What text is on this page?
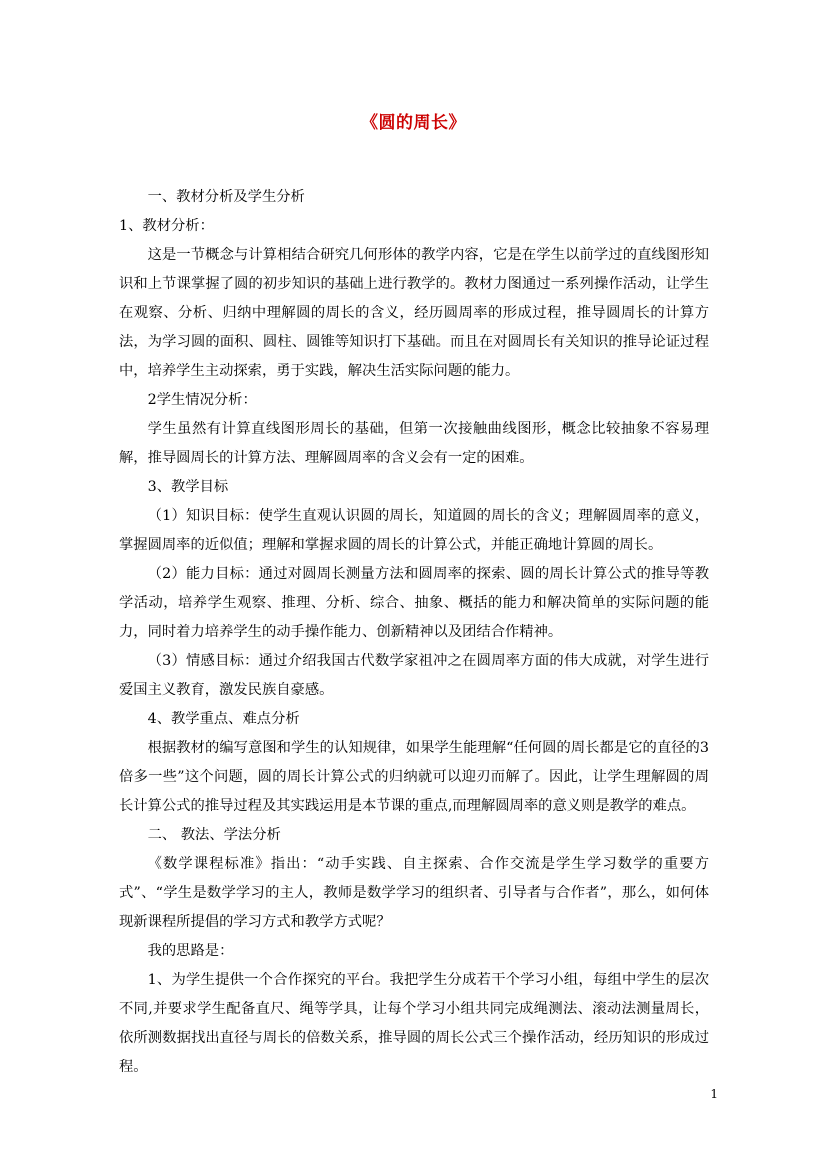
《圆的周长》

一、教材分析及学生分析

1、教材分析：

这是一节概念与计算相结合研究几何形体的教学内容，它是在学生以前学过的直线图形知识和上节课掌握了圆的初步知识的基础上进行教学的。教材力图通过一系列操作活动，让学生在观察、分析、归纳中理解圆的周长的含义，经历圆周率的形成过程，推导圆周长的计算方法，为学习圆的面积、圆柱、圆锥等知识打下基础。而且在对圆周长有关知识的推导论证过程中，培养学生主动探索，勇于实践，解决生活实际问题的能力。

2学生情况分析：

学生虽然有计算直线图形周长的基础，但第一次接触曲线图形，概念比较抽象不容易理解，推导圆周长的计算方法、理解圆周率的含义会有一定的困难。

3、教学目标

（1）知识目标：使学生直观认识圆的周长，知道圆的周长的含义；理解圆周率的意义，掌握圆周率的近似值；理解和掌握求圆的周长的计算公式，并能正确地计算圆的周长。

（2）能力目标：通过对圆周长测量方法和圆周率的探索、圆的周长计算公式的推导等教学活动，培养学生观察、推理、分析、综合、抽象、概括的能力和解决简单的实际问题的能力，同时着力培养学生的动手操作能力、创新精神以及团结合作精神。

（3）情感目标：通过介绍我国古代数学家祖冲之在圆周率方面的伟大成就，对学生进行爱国主义教育，激发民族自豪感。

4、教学重点、难点分析

根据教材的编写意图和学生的认知规律，如果学生能理解“任何圆的周长都是它的直径的3倍多一些”这个问题，圆的周长计算公式的归纳就可以迎刃而解了。因此，让学生理解圆的周长计算公式的推导过程及其实践运用是本节课的重点,而理解圆周率的意义则是教学的难点。

二、 教法、学法分析

《数学课程标准》指出：“动手实践、自主探索、合作交流是学生学习数学的重要方式”、“学生是数学学习的主人，教师是数学学习的组织者、引导者与合作者”，那么，如何体现新课程所提倡的学习方式和教学方式呢？

我的思路是：

1、为学生提供一个合作探究的平台。我把学生分成若干个学习小组，每组中学生的层次不同,并要求学生配备直尺、绳等学具，让每个学习小组共同完成绳测法、滚动法测量周长，依所测数据找出直径与周长的倍数关系，推导圆的周长公式三个操作活动，经历知识的形成过程。

1
